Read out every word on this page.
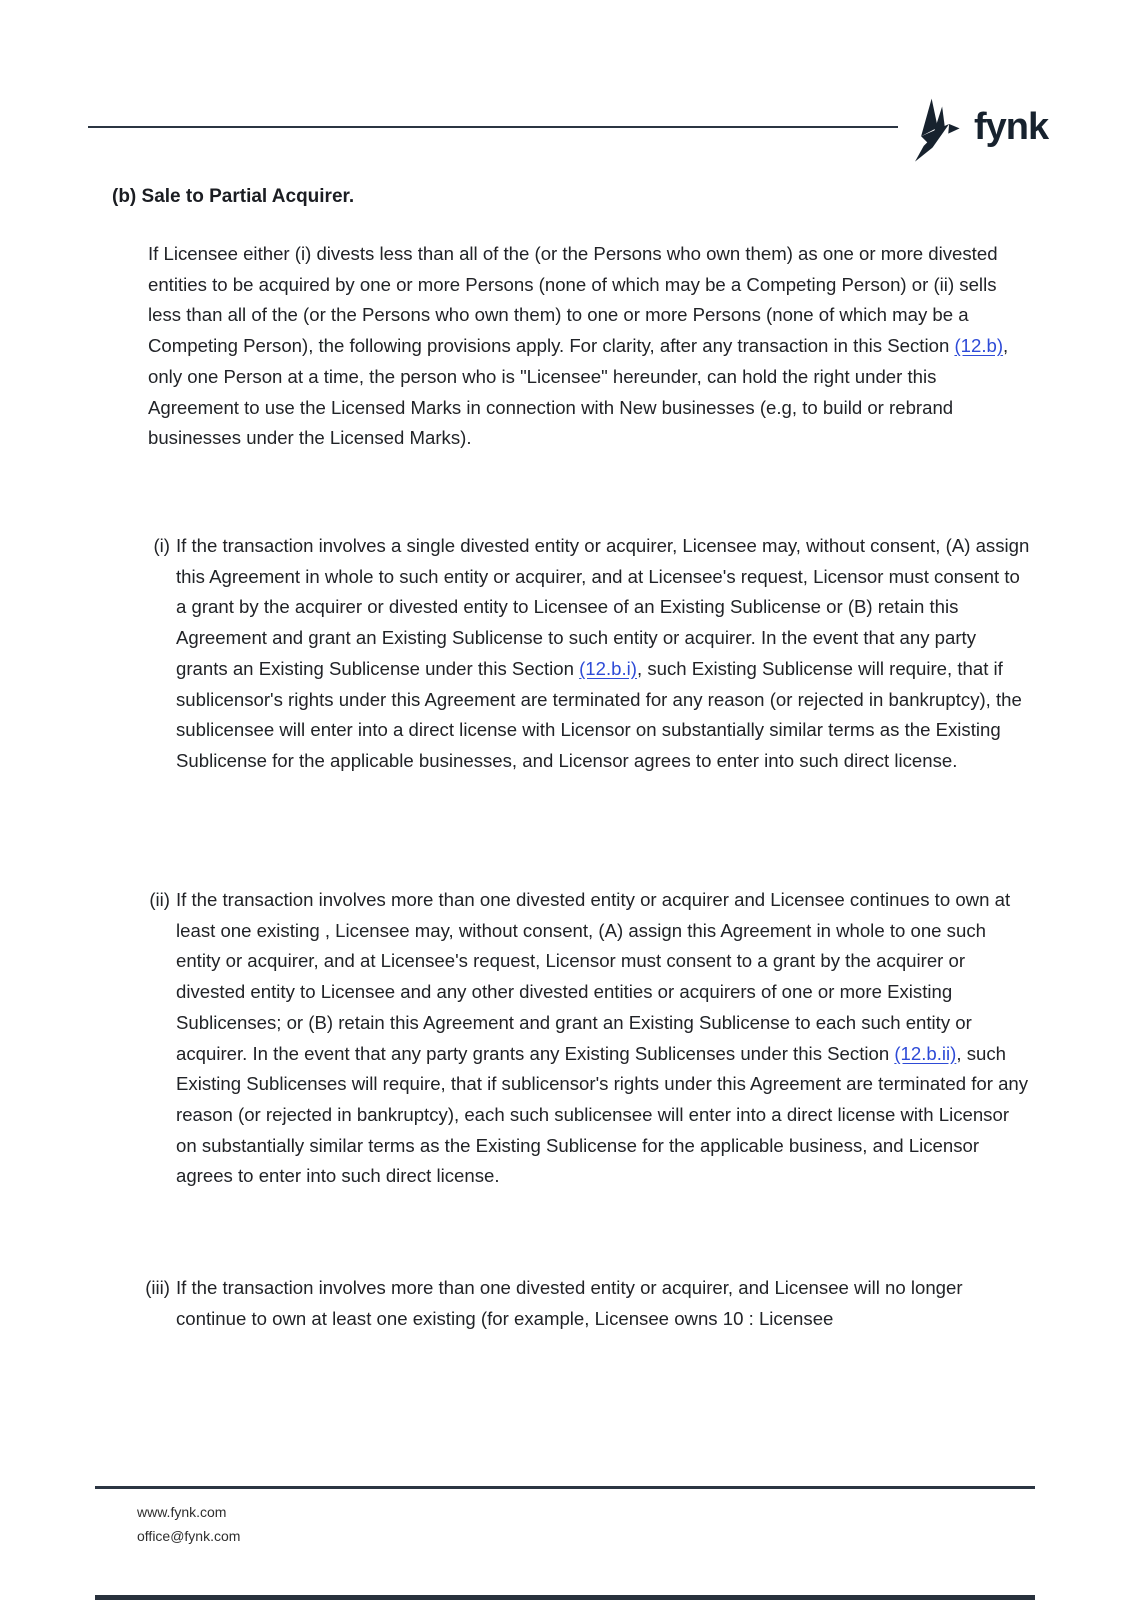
fynk
(b) Sale to Partial Acquirer.
If Licensee either (i) divests less than all of the (or the Persons who own them) as one or more divested entities to be acquired by one or more Persons (none of which may be a Competing Person) or (ii) sells less than all of the (or the Persons who own them) to one or more Persons (none of which may be a Competing Person), the following provisions apply. For clarity, after any transaction in this Section (12.b), only one Person at a time, the person who is "Licensee" hereunder, can hold the right under this Agreement to use the Licensed Marks in connection with New businesses (e.g, to build or rebrand businesses under the Licensed Marks).
(i) If the transaction involves a single divested entity or acquirer, Licensee may, without consent, (A) assign this Agreement in whole to such entity or acquirer, and at Licensee's request, Licensor must consent to a grant by the acquirer or divested entity to Licensee of an Existing Sublicense or (B) retain this Agreement and grant an Existing Sublicense to such entity or acquirer. In the event that any party grants an Existing Sublicense under this Section (12.b.i), such Existing Sublicense will require, that if sublicensor's rights under this Agreement are terminated for any reason (or rejected in bankruptcy), the sublicensee will enter into a direct license with Licensor on substantially similar terms as the Existing Sublicense for the applicable businesses, and Licensor agrees to enter into such direct license.
(ii) If the transaction involves more than one divested entity or acquirer and Licensee continues to own at least one existing , Licensee may, without consent, (A) assign this Agreement in whole to one such entity or acquirer, and at Licensee's request, Licensor must consent to a grant by the acquirer or divested entity to Licensee and any other divested entities or acquirers of one or more Existing Sublicenses; or (B) retain this Agreement and grant an Existing Sublicense to each such entity or acquirer. In the event that any party grants any Existing Sublicenses under this Section (12.b.ii), such Existing Sublicenses will require, that if sublicensor's rights under this Agreement are terminated for any reason (or rejected in bankruptcy), each such sublicensee will enter into a direct license with Licensor on substantially similar terms as the Existing Sublicense for the applicable business, and Licensor agrees to enter into such direct license.
(iii) If the transaction involves more than one divested entity or acquirer, and Licensee will no longer continue to own at least one existing (for example, Licensee owns 10 : Licensee
www.fynk.com
office@fynk.com
